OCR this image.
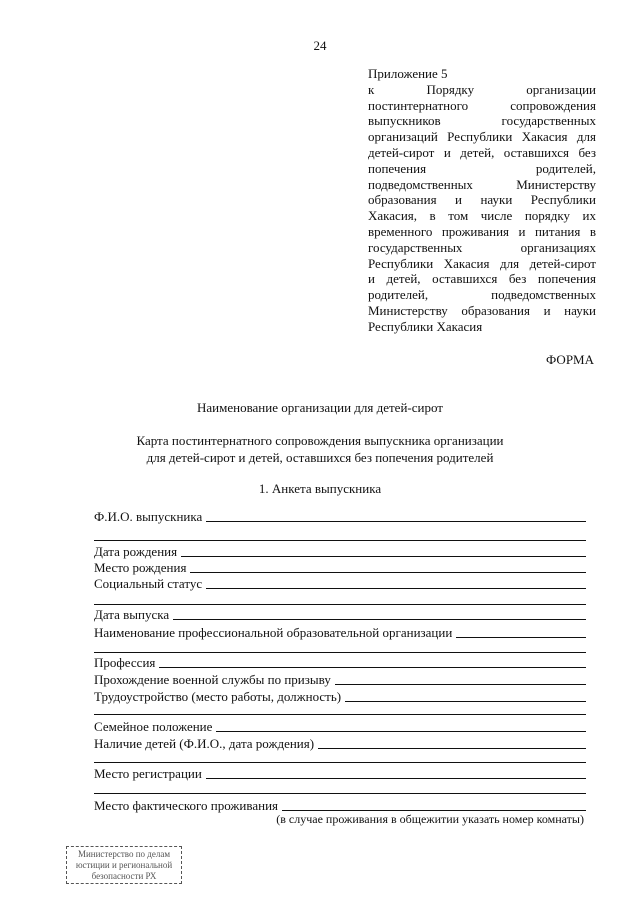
24
Приложение 5
к Порядку организации
постинтернатного сопровождения
выпускников государственных
организаций Республики Хакасия для
детей-сирот и детей, оставшихся без
попечения родителей,
подведомственных Министерству
образования и науки Республики
Хакасия, в том числе порядку их
временного проживания и питания в
государственных организациях
Республики Хакасия для детей-сирот
и детей, оставшихся без попечения
родителей, подведомственных
Министерству образования и науки
Республики Хакасия
ФОРМА
Наименование организации для детей-сирот
Карта постинтернатного сопровождения выпускника организации
для детей-сирот и детей, оставшихся без попечения родителей
1. Анкета выпускника
Ф.И.О. выпускника
Дата рождения
Место рождения
Социальный статус
Дата выпуска
Наименование профессиональной образовательной организации
Профессия
Прохождение военной службы по призыву
Трудоустройство (место работы, должность)
Семейное положение
Наличие детей (Ф.И.О., дата рождения)
Место регистрации
Место фактического проживания
(в случае проживания в общежитии указать номер комнаты)
Министерство по делам
юстиции и региональной
безопасности РХ
